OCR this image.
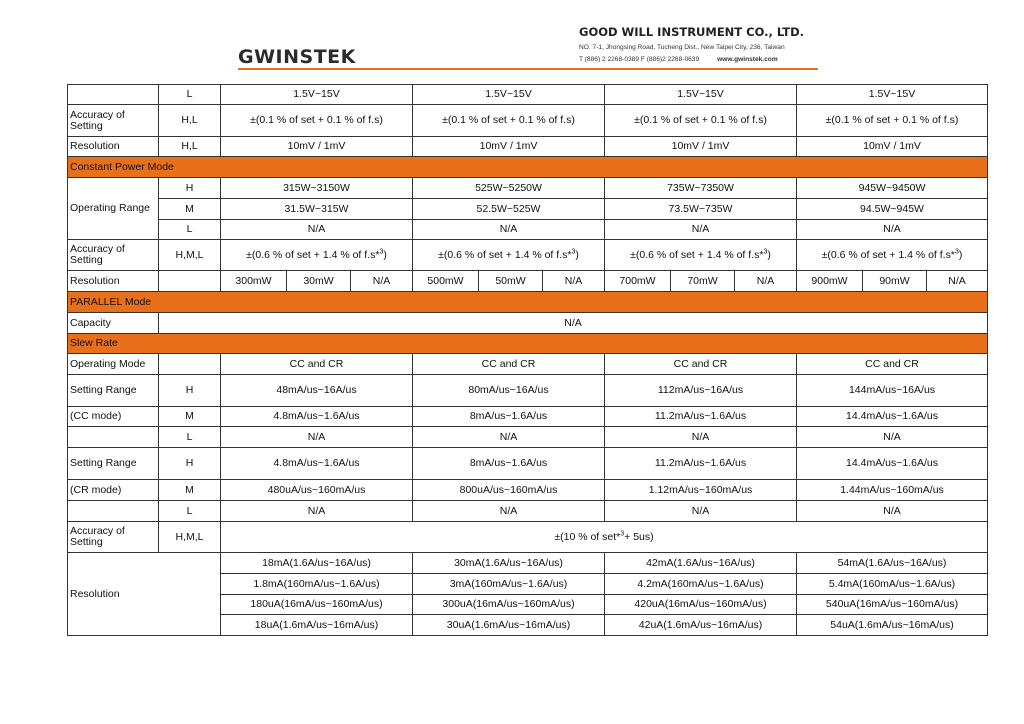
GWINSTEK
GOOD WILL INSTRUMENT CO., LTD.
NO. 7-1, Jhongsing Road, Tucheng Dist., New Taipei City, 236, Taiwan
T (886) 2 2268-0389 F (886)2 2268-0639	www.gwinstek.com
	L	1.5V~15V			1.5V~15V			1.5V~15V			1.5V~15V		
Accuracy of Setting	H,L	±(0.1 % of set + 0.1 % of f.s)			±(0.1 % of set + 0.1 % of f.s)			±(0.1 % of set + 0.1 % of f.s)			±(0.1 % of set + 0.1 % of f.s)		
Resolution	H,L	10mV / 1mV			10mV / 1mV			10mV / 1mV			10mV / 1mV		
Constant Power Mode													
Operating Range	H	315W~3150W			525W~5250W			735W~7350W			945W~9450W		
	M	31.5W~315W			52.5W~525W			73.5W~735W			94.5W~945W		
	L	N/A			N/A			N/A			N/A		
Accuracy of Setting	H,M,L	±(0.6 % of set + 1.4 % of f.s*$^3$)			±(0.6 % of set + 1.4 % of f.s*$^3$)			±(0.6 % of set + 1.4 % of f.s*$^3$)			±(0.6 % of set + 1.4 % of f.s*$^3$)		
Resolution		300mW	30mW	N/A	500mW	50mW	N/A	700mW	70mW	N/A	900mW	90mW	N/A
PARALLEL Mode													
Capacity	N/A												
Slew Rate													
Operating Mode		CC and CR			CC and CR			CC and CR			CC and CR		
Setting Range	H	48mA/us~16A/us			80mA/us~16A/us			112mA/us~16A/us			144mA/us~16A/us		
(CC mode)	M	4.8mA/us~1.6A/us			8mA/us~1.6A/us			11.2mA/us~1.6A/us			14.4mA/us~1.6A/us		
	L	N/A			N/A			N/A			N/A		
Setting Range	H	4.8mA/us~1.6A/us			8mA/us~1.6A/us			11.2mA/us~1.6A/us			14.4mA/us~1.6A/us		
(CR mode)	M	480uA/us~160mA/us			800uA/us~160mA/us			1.12mA/us~160mA/us			1.44mA/us~160mA/us		
	L	N/A			N/A			N/A			N/A		
Accuracy of Setting	H,M,L	±(10 % of set*$^3$+ 5us)											
Resolution		18mA(1.6A/us~16A/us)			30mA(1.6A/us~16A/us)			42mA(1.6A/us~16A/us)			54mA(1.6A/us~16A/us)		
		1.8mA(160mA/us~1.6A/us)			3mA(160mA/us~1.6A/us)			4.2mA(160mA/us~1.6A/us)			5.4mA(160mA/us~1.6A/us)		
		180uA(16mA/us~160mA/us)			300uA(16mA/us~160mA/us)			420uA(16mA/us~160mA/us)			540uA(16mA/us~160mA/us)		
		18uA(1.6mA/us~16mA/us)			30uA(1.6mA/us~16mA/us)			42uA(1.6mA/us~16mA/us)			54uA(1.6mA/us~16mA/us)		
